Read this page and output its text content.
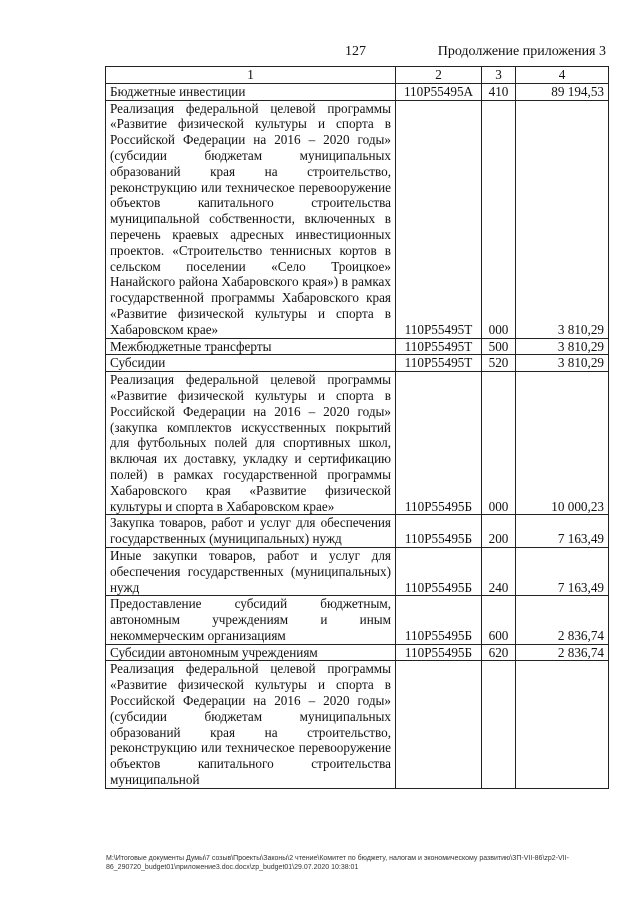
127	Продолжение приложения 3
1	2	3	4
Бюджетные инвестиции	110P55495А	410	89 194,53
Реализация федеральной целевой программы «Развитие физической культуры и спорта в Российской Федерации на 2016 – 2020 годы» (субсидии бюджетам муниципальных образований края на строительство, реконструкцию или техническое перевооружение объектов капитального строительства муниципальной собственности, включенных в перечень краевых адресных инвестиционных проектов. «Строительство теннисных кортов в сельском поселении «Село Троицкое» Нанайского района Хабаровского края») в рамках государственной программы Хабаровского края «Развитие физической культуры и спорта в Хабаровском крае»	110P55495Т	000	3 810,29
Межбюджетные трансферты	110P55495Т	500	3 810,29
Субсидии	110P55495Т	520	3 810,29
Реализация федеральной целевой программы «Развитие физической культуры и спорта в Российской Федерации на 2016 – 2020 годы» (закупка комплектов искусственных покрытий для футбольных полей для спортивных школ, включая их доставку, укладку и сертификацию полей) в рамках государственной программы Хабаровского края «Развитие физической культуры и спорта в Хабаровском крае»	110P55495Б	000	10 000,23
Закупка товаров, работ и услуг для обеспечения государственных (муниципальных) нужд	110P55495Б	200	7 163,49
Иные закупки товаров, работ и услуг для обеспечения государственных (муниципальных) нужд	110P55495Б	240	7 163,49
Предоставление субсидий бюджетным, автономным учреждениям и иным некоммерческим организациям	110P55495Б	600	2 836,74
Субсидии автономным учреждениям	110P55495Б	620	2 836,74
Реализация федеральной целевой программы «Развитие физической культуры и спорта в Российской Федерации на 2016 – 2020 годы» (субсидии бюджетам муниципальных образований края на строительство, реконструкцию или техническое перевооружение объектов капитального строительства муниципальной			
М:\Итоговые документы Думы\7 созыв\Проекты\Законы\2 чтение\Комитет по бюджету, налогам и экономическому развитию\ЗП-VII-86\zp2-VII-86_290720_budget01\приложение3.doc.docx\zp_budget01\29.07.2020 10:38:01
